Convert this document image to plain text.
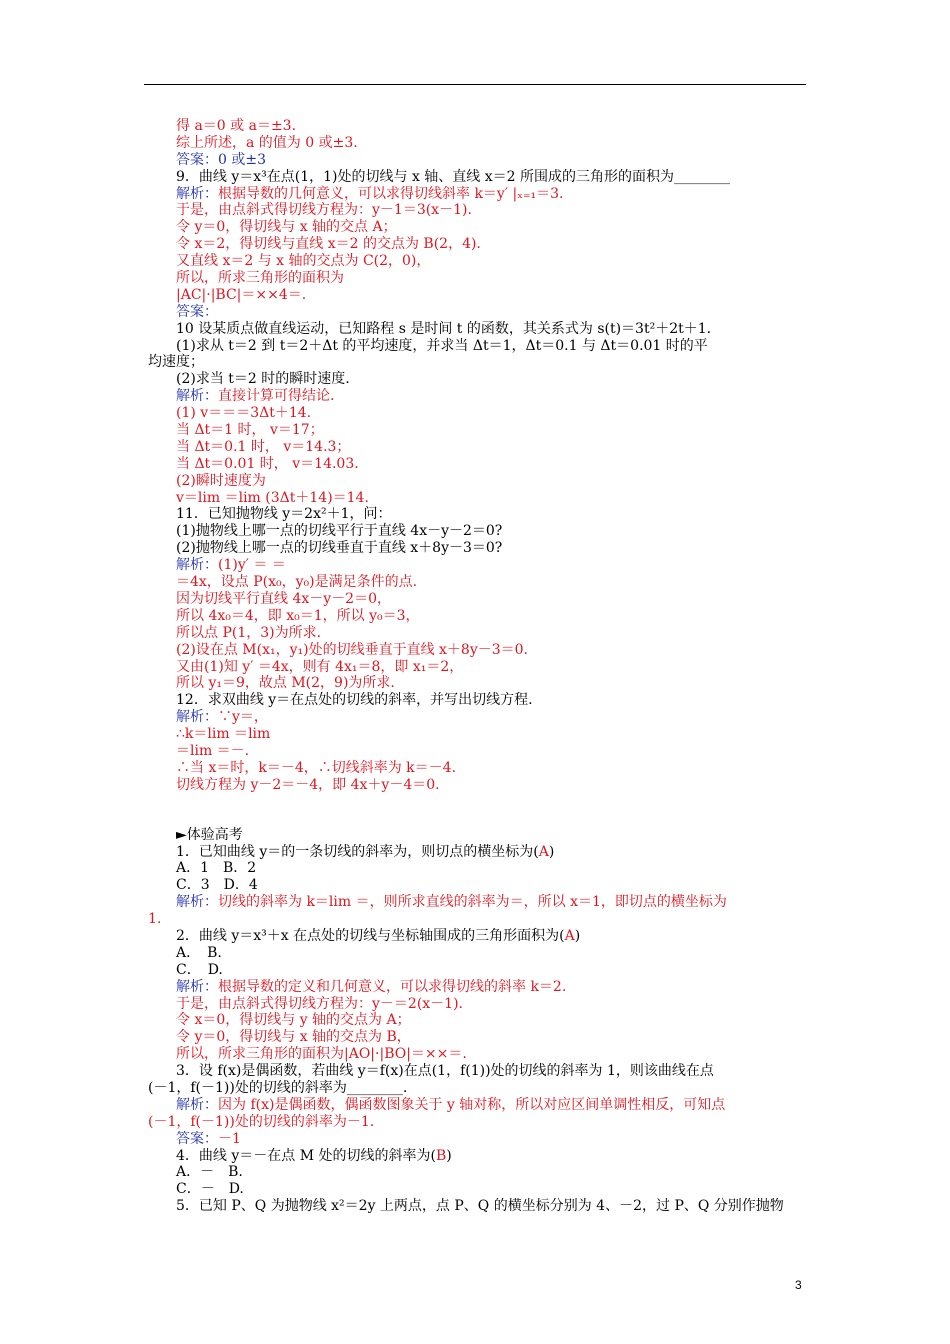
得 a＝0 或 a＝±3.
综上所述，a 的值为 0 或±3.
答案：0 或±3
9．曲线 y＝x³在点(1，1)处的切线与 x 轴、直线 x＝2 所围成的三角形的面积为________
解析：根据导数的几何意义，可以求得切线斜率 k＝y′ |ₓ₌₁＝3.
于是，由点斜式得切线方程为：y－1＝3(x－1).
令 y＝0，得切线与 x 轴的交点 A；
令 x＝2，得切线与直线 x＝2 的交点为 B(2，4).
又直线 x＝2 与 x 轴的交点为 C(2，0)，
所以，所求三角形的面积为
|AC|·|BC|＝××4＝.
答案：
10 设某质点做直线运动，已知路程 s 是时间 t 的函数，其关系式为 s(t)＝3t²＋2t＋1.
(1)求从 t＝2 到 t＝2＋Δt 的平均速度，并求当 Δt＝1，Δt＝0.1 与 Δt＝0.01 时的平
均速度；
(2)求当 t＝2 时的瞬时速度.
解析：直接计算可得结论.
(1) v＝＝＝3Δt＋14.
当 Δt＝1 时， v＝17；
当 Δt＝0.1 时， v＝14.3；
当 Δt＝0.01 时， v＝14.03.
(2)瞬时速度为
v＝lim ＝lim (3Δt＋14)＝14.
11．已知抛物线 y＝2x²＋1，问：
(1)抛物线上哪一点的切线平行于直线 4x－y－2＝0?
(2)抛物线上哪一点的切线垂直于直线 x＋8y－3＝0?
解析：(1)y′ ＝ ＝
＝4x，设点 P(x₀，y₀)是满足条件的点.
因为切线平行直线 4x－y－2＝0，
所以 4x₀＝4，即 x₀＝1，所以 y₀＝3，
所以点 P(1，3)为所求.
(2)设在点 M(x₁，y₁)处的切线垂直于直线 x＋8y－3＝0.
又由(1)知 y′ ＝4x，则有 4x₁＝8，即 x₁＝2，
所以 y₁＝9，故点 M(2，9)为所求.
12．求双曲线 y＝在点处的切线的斜率，并写出切线方程.
解析：∵y＝，
∴k＝lim ＝lim
＝lim ＝－.
∴当 x＝时，k＝－4，∴切线斜率为 k＝－4.
切线方程为 y－2＝－4，即 4x＋y－4＝0.
►体验高考
1．已知曲线 y＝的一条切线的斜率为，则切点的横坐标为(A)
A．1　B．2
C．3　D．4
解析：切线的斜率为 k＝lim ＝，则所求直线的斜率为＝，所以 x＝1，即切点的横坐标为
1.
2．曲线 y＝x³＋x 在点处的切线与坐标轴围成的三角形面积为(A)
A．　B.
C．　D.
解析：根据导数的定义和几何意义，可以求得切线的斜率 k＝2.
于是，由点斜式得切线方程为：y－＝2(x－1).
令 x＝0，得切线与 y 轴的交点为 A；
令 y＝0，得切线与 x 轴的交点为 B，
所以，所求三角形的面积为|AO|·|BO|＝××＝.
3．设 f(x)是偶函数，若曲线 y＝f(x)在点(1，f(1))处的切线的斜率为 1，则该曲线在点
(－1，f(－1))处的切线的斜率为________.
解析：因为 f(x)是偶函数，偶函数图象关于 y 轴对称，所以对应区间单调性相反，可知点
(－1，f(－1))处的切线的斜率为－1.
答案：－1
4．曲线 y＝－在点 M 处的切线的斜率为(B)
A．－　B.
C．－　D.
5．已知 P、Q 为抛物线 x²＝2y 上两点，点 P、Q 的横坐标分别为 4、－2，过 P、Q 分别作抛物
3
